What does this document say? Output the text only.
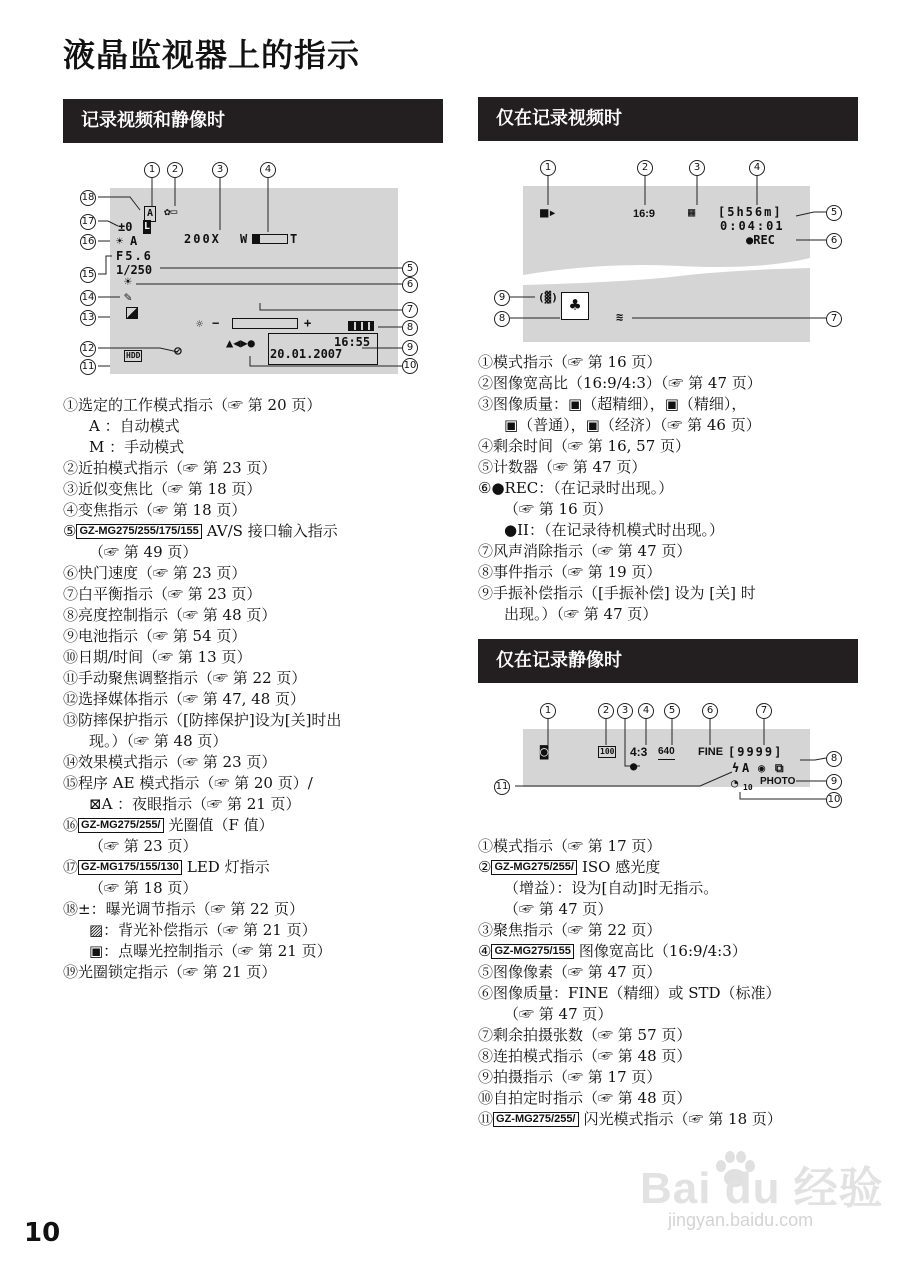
液晶监视器上的指示
记录视频和静像时	仅在记录视频时
仅在记录静像时
1	2	3	4
5
6
7
8
9
10
11
12
13
14
15
16
17
18
A ✿▭
200X W	T
±0 L
☀ A
F5.6
1/250
☀
✎
☼ −	+
16:55
20.01.2007
▲◀▶●
⊘
HDD
①选定的工作模式指示（☞ 第 20 页）
A ：自动模式
M ：手动模式
②近拍模式指示（☞ 第 23 页）
③近似变焦比（☞ 第 18 页）
④变焦指示（☞ 第 18 页）
⑤ GZ-MG275/255/175/155 AV/S 接口输入指示
（☞ 第 49 页）
⑥快门速度（☞ 第 23 页）
⑦白平衡指示（☞ 第 23 页）
⑧亮度控制指示（☞ 第 48 页）
⑨电池指示（☞ 第 54 页）
⑩日期/时间（☞ 第 13 页）
⑪手动聚焦调整指示（☞ 第 22 页）
⑫选择媒体指示（☞ 第 47, 48 页）
⑬防摔保护指示（[防摔保护]设为[关]时出
现。）（☞ 第 48 页）
⑭效果模式指示（☞ 第 23 页）
⑮程序 AE 模式指示（☞ 第 20 页）/
⊠A ：夜眼指示（☞ 第 21 页）
⑯ GZ-MG275/255/ 光圈值（F 值）
（☞ 第 23 页）
⑰ GZ-MG175/155/130 LED 灯指示
（☞ 第 18 页）
⑱±：曝光调节指示（☞ 第 22 页）
▨：背光补偿指示（☞ 第 21 页）
▣：点曝光控制指示（☞ 第 21 页）
⑲光圈锁定指示（☞ 第 21 页）
1	2	3	4
5
6
7
8
9
■▸	16:9	▦ [5h56m]
0:04:01
●REC
(▓) ♣
≋
①模式指示（☞ 第 16 页）
②图像宽高比（16:9/4:3）（☞ 第 47 页）
③图像质量：▣（超精细），▣（精细），
▣（普通），▣（经济）（☞ 第 46 页）
④剩余时间（☞ 第 16, 57 页）
⑤计数器（☞ 第 47 页）
⑥●REC：（在记录时出现。）
（☞ 第 16 页）
●II：（在记录待机模式时出现。）
⑦风声消除指示（☞ 第 47 页）
⑧事件指示（☞ 第 19 页）
⑨手振补偿指示（[手振补偿] 设为 [关] 时
出现。）（☞ 第 47 页）
1	2	3	4	5	6	7
8
9
10
11
◙	100 4:3 640 FINE [9999]
●	ϟ A ◉ ⧉
PHOTO
◔ 10
①模式指示（☞ 第 17 页）
② GZ-MG275/255/ ISO 感光度
（增益）：设为[自动]时无指示。
（☞ 第 47 页）
③聚焦指示（☞ 第 22 页）
④ GZ-MG275/155 图像宽高比（16:9/4:3）
⑤图像像素（☞ 第 47 页）
⑥图像质量：FINE（精细）或 STD（标准）
（☞ 第 47 页）
⑦剩余拍摄张数（☞ 第 57 页）
⑧连拍模式指示（☞ 第 48 页）
⑨拍摄指示（☞ 第 17 页）
⑩自拍定时指示（☞ 第 48 页）
⑪ GZ-MG275/255/ 闪光模式指示（☞ 第 18 页）
Bai du 经验
jingyan.baidu.com
10
